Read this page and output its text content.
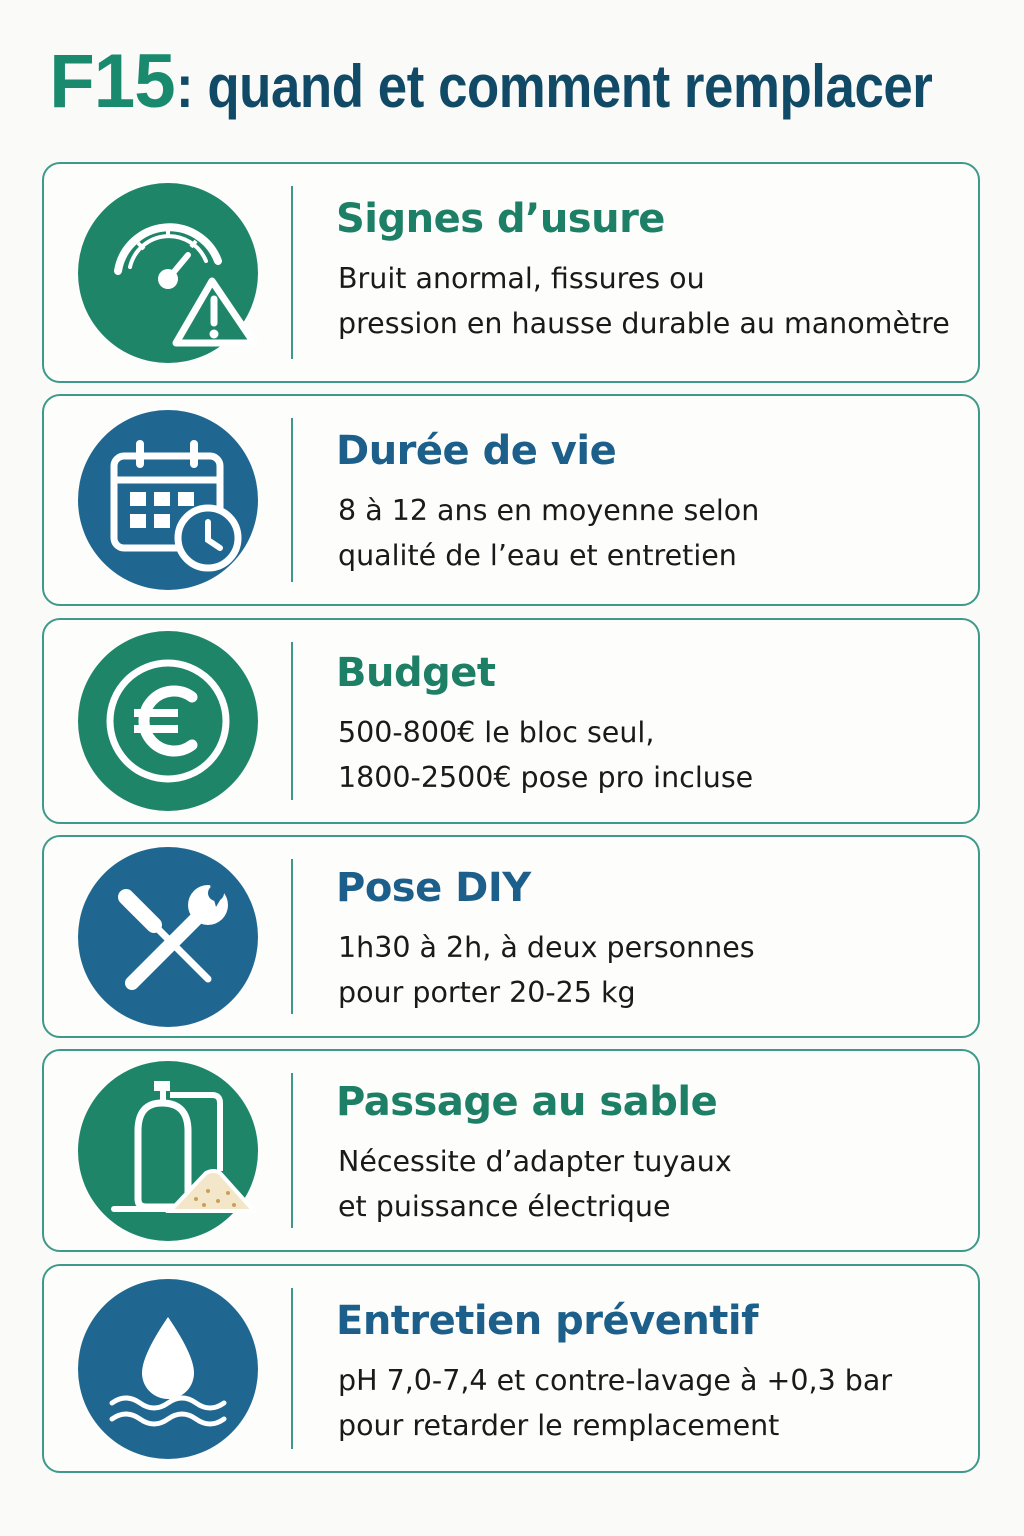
F15: quand et comment remplacer
Signes d’usure
Bruit anormal, fissures ou
pression en hausse durable au manomètre
Durée de vie
8 à 12 ans en moyenne selon
qualité de l’eau et entretien
Budget
500-800€ le bloc seul,
1800-2500€ pose pro incluse
Pose DIY
1h30 à 2h, à deux personnes
pour porter 20-25 kg
Passage au sable
Nécessite d’adapter tuyaux
et puissance électrique
Entretien préventif
pH 7,0-7,4 et contre-lavage à +0,3 bar
pour retarder le remplacement
